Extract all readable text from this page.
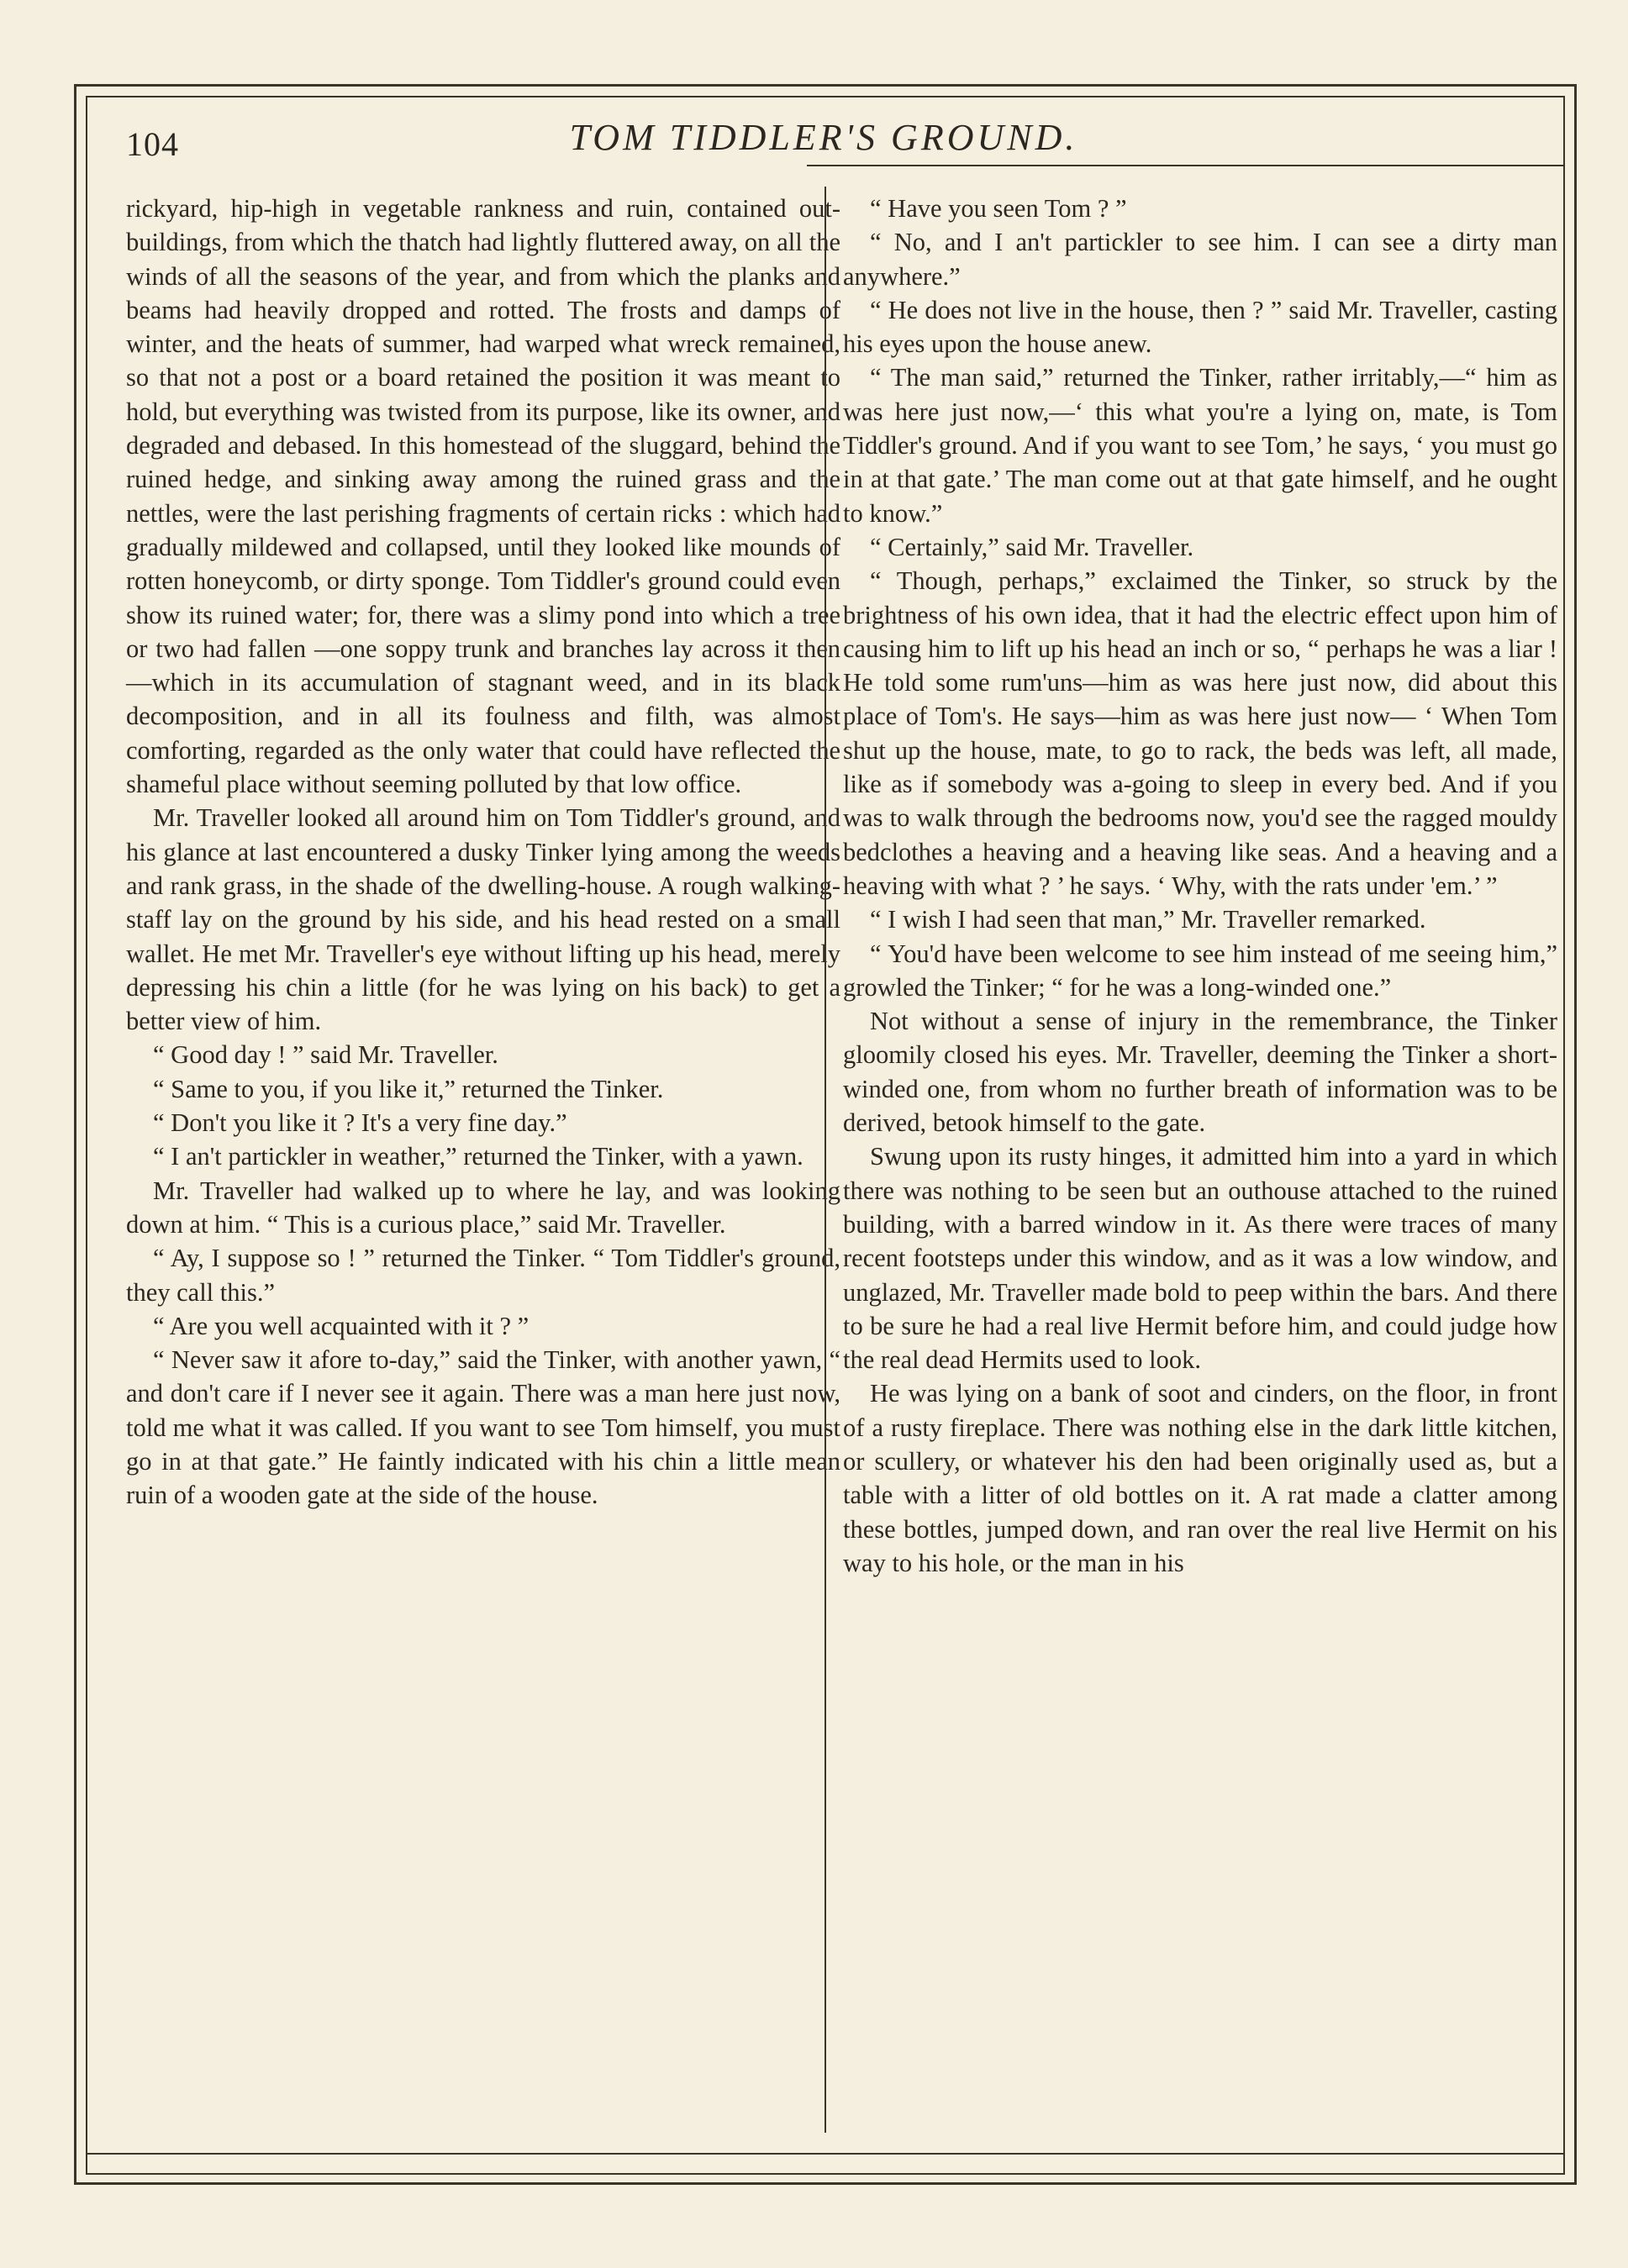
104	TOM TIDDLER'S GROUND.

rickyard, hip-high in vegetable rankness and ruin, contained out-buildings, from which the thatch had lightly fluttered away, on all the winds of all the seasons of the year, and from which the planks and beams had heavily dropped and rotted. The frosts and damps of winter, and the heats of summer, had warped what wreck remained, so that not a post or a board retained the position it was meant to hold, but everything was twisted from its purpose, like its owner, and degraded and debased. In this homestead of the sluggard, behind the ruined hedge, and sinking away among the ruined grass and the nettles, were the last perishing fragments of certain ricks : which had gradually mildewed and collapsed, until they looked like mounds of rotten honeycomb, or dirty sponge. Tom Tiddler's ground could even show its ruined water; for, there was a slimy pond into which a tree or two had fallen —one soppy trunk and branches lay across it then—which in its accumulation of stagnant weed, and in its black decomposition, and in all its foulness and filth, was almost comforting, regarded as the only water that could have reflected the shameful place without seeming polluted by that low office.

Mr. Traveller looked all around him on Tom Tiddler's ground, and his glance at last encountered a dusky Tinker lying among the weeds and rank grass, in the shade of the dwelling-house. A rough walking-staff lay on the ground by his side, and his head rested on a small wallet. He met Mr. Traveller's eye without lifting up his head, merely depressing his chin a little (for he was lying on his back) to get a better view of him.

“ Good day ! ” said Mr. Traveller.

“ Same to you, if you like it,” returned the Tinker.

“ Don't you like it ? It's a very fine day.”

“ I an't partickler in weather,” returned the Tinker, with a yawn.

Mr. Traveller had walked up to where he lay, and was looking down at him. “ This is a curious place,” said Mr. Traveller.

“ Ay, I suppose so ! ” returned the Tinker. “ Tom Tiddler's ground, they call this.”

“ Are you well acquainted with it ? ”

“ Never saw it afore to-day,” said the Tinker, with another yawn, “ and don't care if I never see it again. There was a man here just now, told me what it was called. If you want to see Tom himself, you must go in at that gate.” He faintly indicated with his chin a little mean ruin of a wooden gate at the side of the house.

“ Have you seen Tom ? ”

“ No, and I an't partickler to see him. I can see a dirty man anywhere.”

“ He does not live in the house, then ? ” said Mr. Traveller, casting his eyes upon the house anew.

“ The man said,” returned the Tinker, rather irritably,—“ him as was here just now,—‘ this what you're a lying on, mate, is Tom Tiddler's ground. And if you want to see Tom,’ he says, ‘ you must go in at that gate.’ The man come out at that gate himself, and he ought to know.”

“ Certainly,” said Mr. Traveller.

“ Though, perhaps,” exclaimed the Tinker, so struck by the brightness of his own idea, that it had the electric effect upon him of causing him to lift up his head an inch or so, “ perhaps he was a liar ! He told some rum'uns—him as was here just now, did about this place of Tom's. He says—him as was here just now— ‘ When Tom shut up the house, mate, to go to rack, the beds was left, all made, like as if somebody was a-going to sleep in every bed. And if you was to walk through the bedrooms now, you'd see the ragged mouldy bedclothes a heaving and a heaving like seas. And a heaving and a heaving with what ? ’ he says. ‘ Why, with the rats under 'em.’ ”

“ I wish I had seen that man,” Mr. Traveller remarked.

“ You'd have been welcome to see him instead of me seeing him,” growled the Tinker; “ for he was a long-winded one.”

Not without a sense of injury in the remembrance, the Tinker gloomily closed his eyes. Mr. Traveller, deeming the Tinker a short-winded one, from whom no further breath of information was to be derived, betook himself to the gate.

Swung upon its rusty hinges, it admitted him into a yard in which there was nothing to be seen but an outhouse attached to the ruined building, with a barred window in it. As there were traces of many recent footsteps under this window, and as it was a low window, and unglazed, Mr. Traveller made bold to peep within the bars. And there to be sure he had a real live Hermit before him, and could judge how the real dead Hermits used to look.

He was lying on a bank of soot and cinders, on the floor, in front of a rusty fireplace. There was nothing else in the dark little kitchen, or scullery, or whatever his den had been originally used as, but a table with a litter of old bottles on it. A rat made a clatter among these bottles, jumped down, and ran over the real live Hermit on his way to his hole, or the man in his
